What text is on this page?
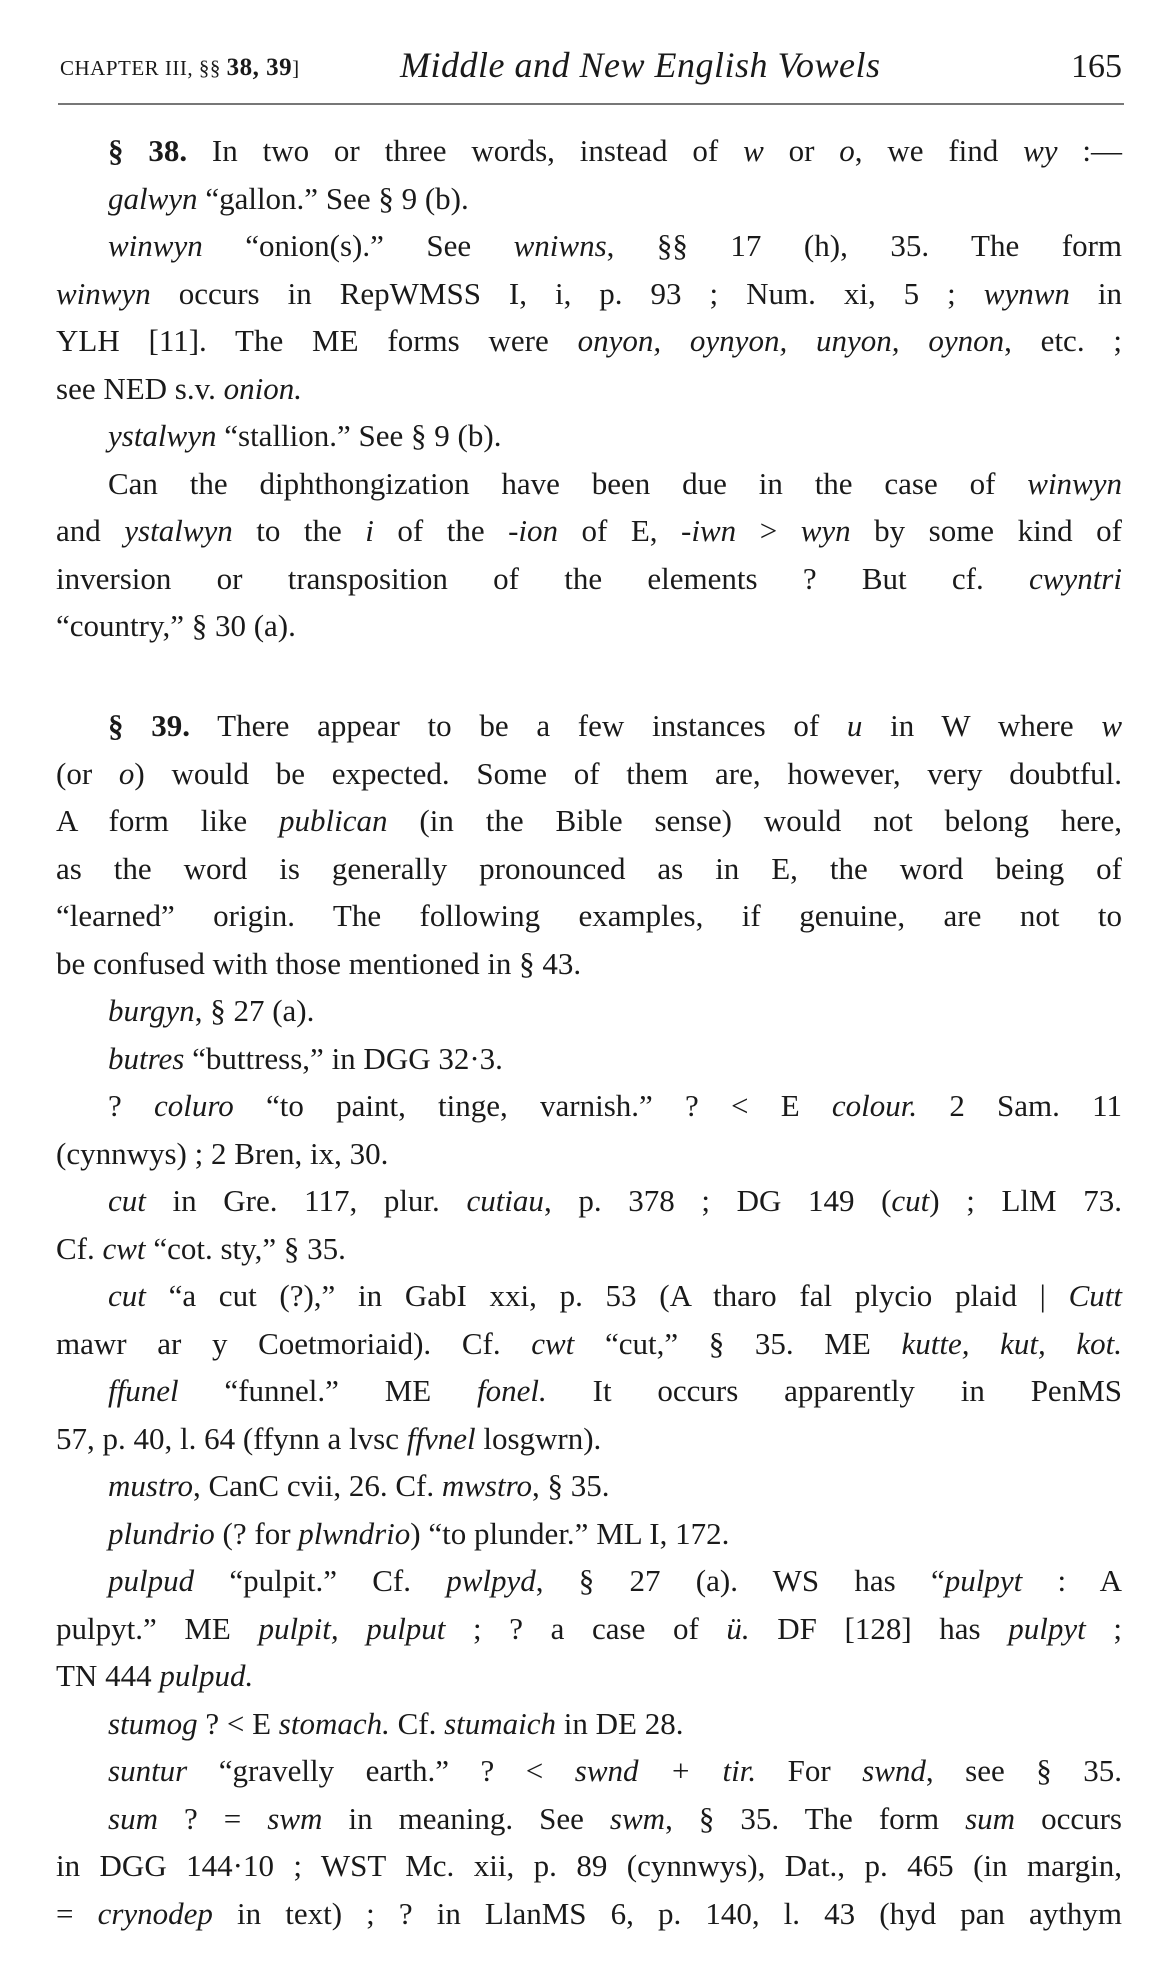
CHAPTER III, §§ 38, 39]	Middle and New English Vowels	165
§ 38. In two or three words, instead of w or o, we find wy :—
galwyn “gallon.” See § 9 (b).
winwyn “onion(s).” See wniwns, §§ 17 (h), 35. The form
winwyn occurs in RepWMSS I, i, p. 93 ; Num. xi, 5 ; wynwn in
YLH [11]. The ME forms were onyon, oynyon, unyon, oynon, etc. ;
see NED s.v. onion.
ystalwyn “stallion.” See § 9 (b).
Can the diphthongization have been due in the case of winwyn
and ystalwyn to the i of the -ion of E, -iwn > wyn by some kind of
inversion or transposition of the elements ? But cf. cwyntri
“country,” § 30 (a).
§ 39. There appear to be a few instances of u in W where w
(or o) would be expected. Some of them are, however, very doubtful.
A form like publican (in the Bible sense) would not belong here,
as the word is generally pronounced as in E, the word being of
“learned” origin. The following examples, if genuine, are not to
be confused with those mentioned in § 43.
burgyn, § 27 (a).
butres “buttress,” in DGG 32·3.
? coluro “to paint, tinge, varnish.” ? < E colour. 2 Sam. 11
(cynnwys) ; 2 Bren, ix, 30.
cut in Gre. 117, plur. cutiau, p. 378 ; DG 149 (cut) ; LlM 73.
Cf. cwt “cot. sty,” § 35.
cut “a cut (?),” in GabI xxi, p. 53 (A tharo fal plycio plaid | Cutt
mawr ar y Coetmoriaid). Cf. cwt “cut,” § 35. ME kutte, kut, kot.
ffunel “funnel.” ME fonel. It occurs apparently in PenMS
57, p. 40, l. 64 (ffynn a lvsc ffvnel losgwrn).
mustro, CanC cvii, 26. Cf. mwstro, § 35.
plundrio (? for plwndrio) “to plunder.” ML I, 172.
pulpud “pulpit.” Cf. pwlpyd, § 27 (a). WS has “pulpyt : A
pulpyt.” ME pulpit, pulput ; ? a case of ü. DF [128] has pulpyt ;
TN 444 pulpud.
stumog ? < E stomach. Cf. stumaich in DE 28.
suntur “gravelly earth.” ? < swnd + tir. For swnd, see § 35.
sum ? = swm in meaning. See swm, § 35. The form sum occurs
in DGG 144·10 ; WST Mc. xii, p. 89 (cynnwys), Dat., p. 465 (in margin,
= crynodep in text) ; ? in LlanMS 6, p. 140, l. 43 (hyd pan aythym
